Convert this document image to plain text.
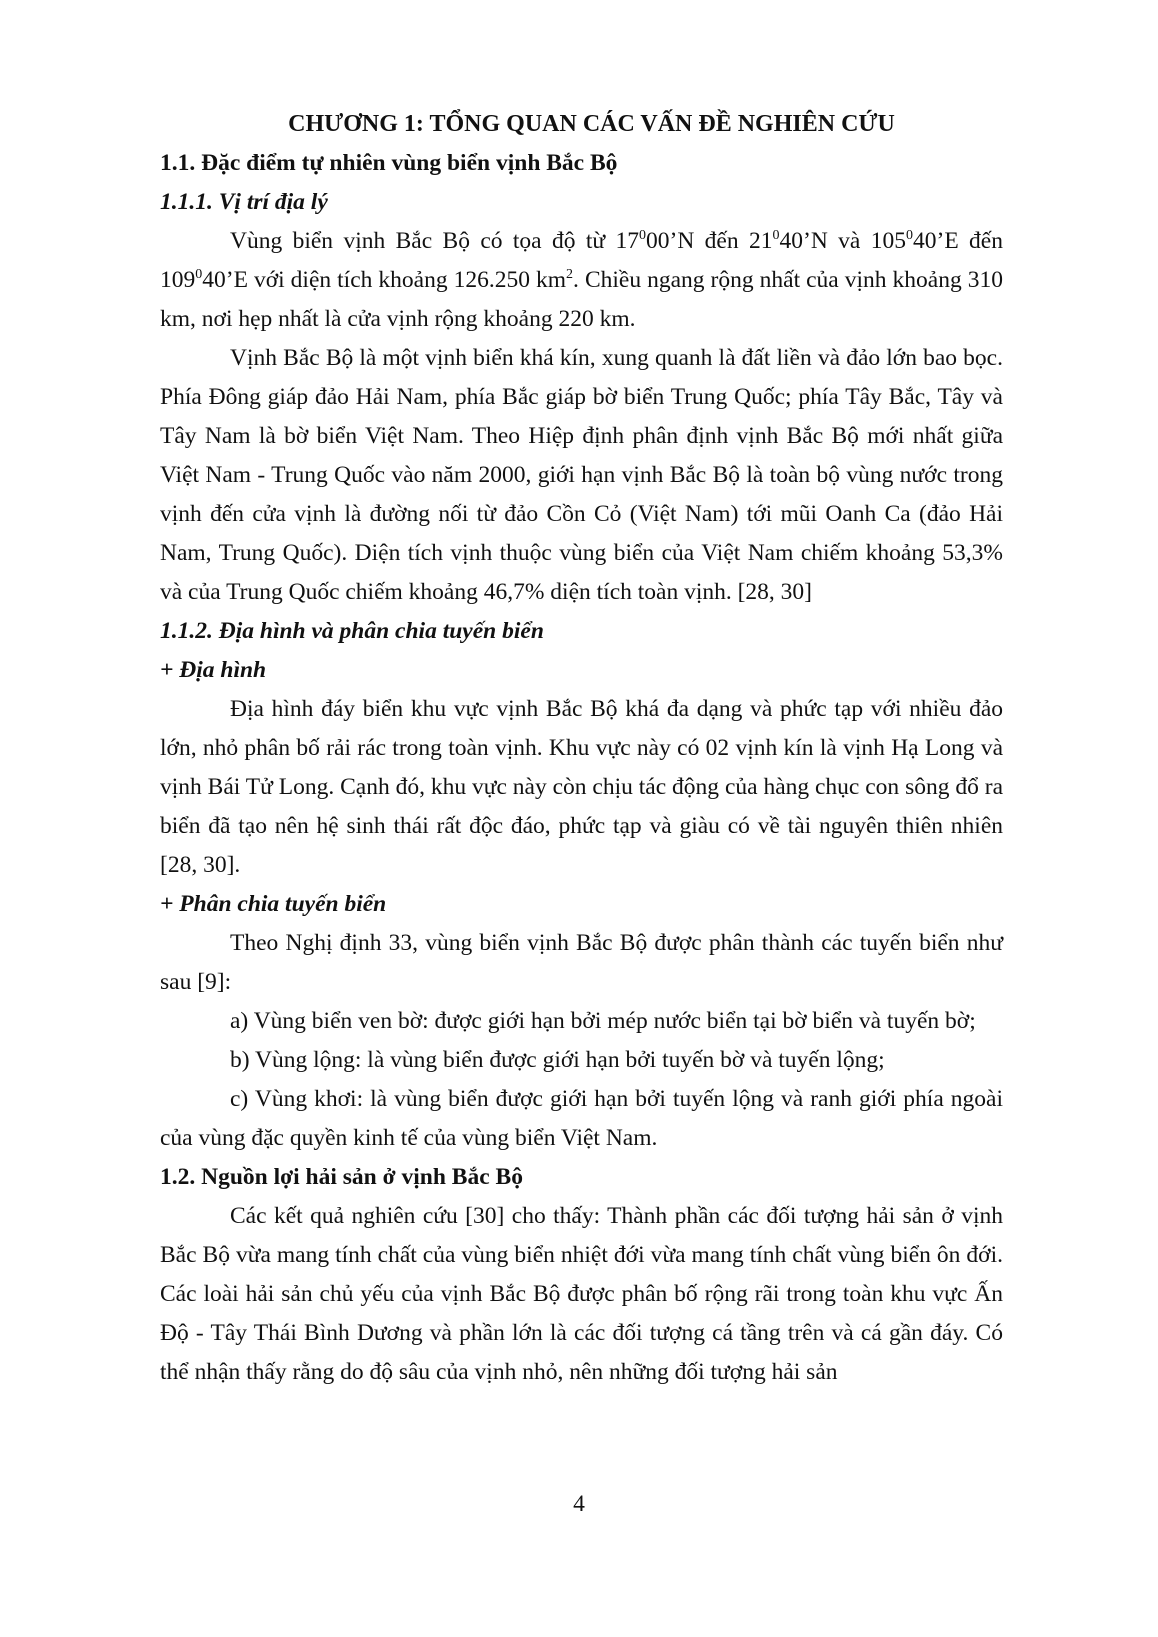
CHƯƠNG 1: TỔNG QUAN CÁC VẤN ĐỀ NGHIÊN CỨU
1.1. Đặc điểm tự nhiên vùng biển vịnh Bắc Bộ
1.1.1. Vị trí địa lý

Vùng biển vịnh Bắc Bộ có tọa độ từ $17^000’N$ đến $21^040’N$ và $105^040’E$ đến $109^040’E$ với diện tích khoảng 126.250 $km^2$. Chiều ngang rộng nhất của vịnh khoảng 310 km, nơi hẹp nhất là cửa vịnh rộng khoảng 220 km.

Vịnh Bắc Bộ là một vịnh biển khá kín, xung quanh là đất liền và đảo lớn bao bọc. Phía Đông giáp đảo Hải Nam, phía Bắc giáp bờ biển Trung Quốc; phía Tây Bắc, Tây và Tây Nam là bờ biển Việt Nam. Theo Hiệp định phân định vịnh Bắc Bộ mới nhất giữa Việt Nam - Trung Quốc vào năm 2000, giới hạn vịnh Bắc Bộ là toàn bộ vùng nước trong vịnh đến cửa vịnh là đường nối từ đảo Cồn Cỏ (Việt Nam) tới mũi Oanh Ca (đảo Hải Nam, Trung Quốc). Diện tích vịnh thuộc vùng biển của Việt Nam chiếm khoảng 53,3% và của Trung Quốc chiếm khoảng 46,7% diện tích toàn vịnh. [28, 30]

1.1.2. Địa hình và phân chia tuyến biển
+ Địa hình

Địa hình đáy biển khu vực vịnh Bắc Bộ khá đa dạng và phức tạp với nhiều đảo lớn, nhỏ phân bố rải rác trong toàn vịnh. Khu vực này có 02 vịnh kín là vịnh Hạ Long và vịnh Bái Tử Long. Cạnh đó, khu vực này còn chịu tác động của hàng chục con sông đổ ra biển đã tạo nên hệ sinh thái rất độc đáo, phức tạp và giàu có về tài nguyên thiên nhiên [28, 30].

+ Phân chia tuyến biển

Theo Nghị định 33, vùng biển vịnh Bắc Bộ được phân thành các tuyến biển như sau [9]:

a) Vùng biển ven bờ: được giới hạn bởi mép nước biển tại bờ biển và tuyến bờ;

b) Vùng lộng: là vùng biển được giới hạn bởi tuyến bờ và tuyến lộng;

c) Vùng khơi: là vùng biển được giới hạn bởi tuyến lộng và ranh giới phía ngoài của vùng đặc quyền kinh tế của vùng biển Việt Nam.

1.2. Nguồn lợi hải sản ở vịnh Bắc Bộ

Các kết quả nghiên cứu [30] cho thấy: Thành phần các đối tượng hải sản ở vịnh Bắc Bộ vừa mang tính chất của vùng biển nhiệt đới vừa mang tính chất vùng biển ôn đới. Các loài hải sản chủ yếu của vịnh Bắc Bộ được phân bố rộng rãi trong toàn khu vực Ấn Độ - Tây Thái Bình Dương và phần lớn là các đối tượng cá tầng trên và cá gần đáy. Có thể nhận thấy rằng do độ sâu của vịnh nhỏ, nên những đối tượng hải sản

4
